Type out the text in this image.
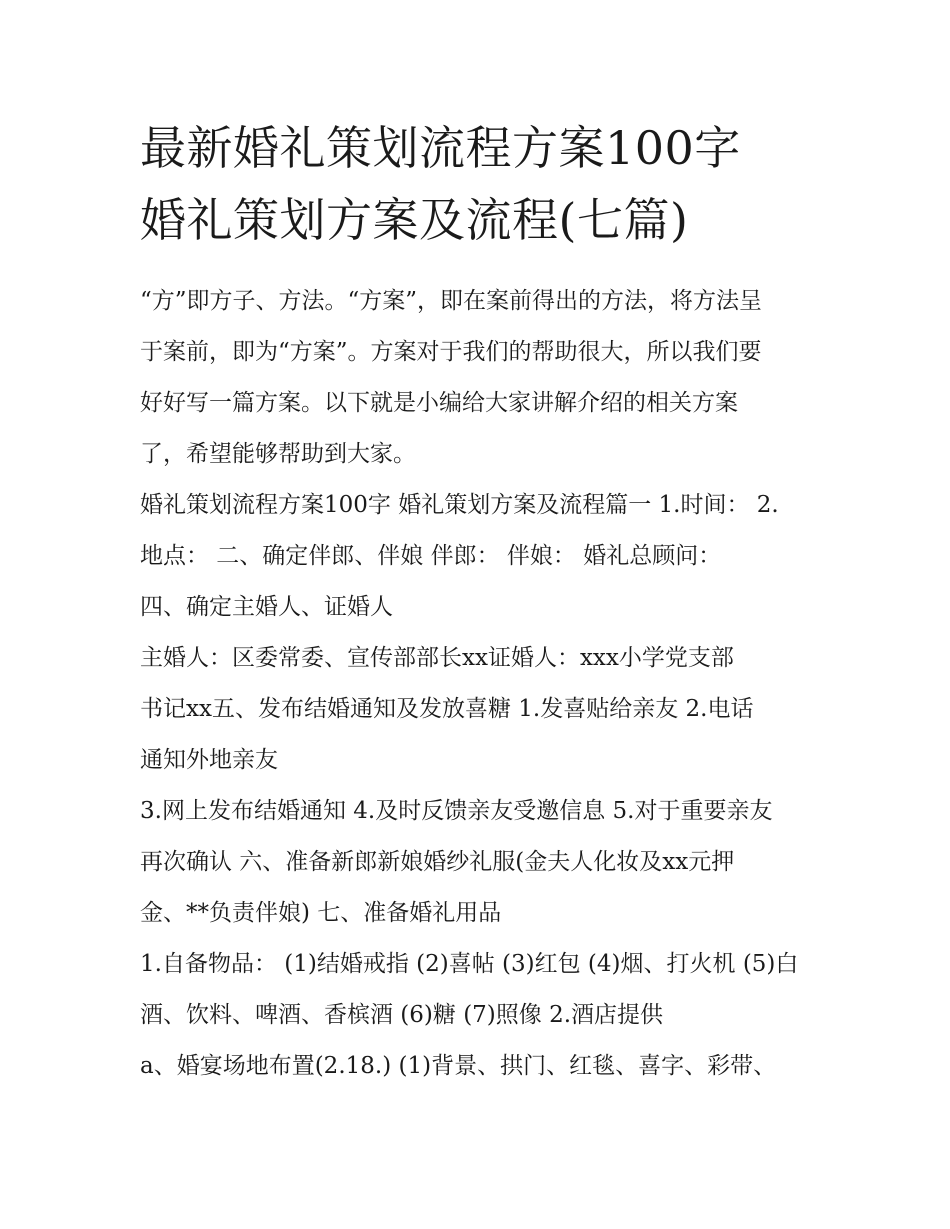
最新婚礼策划流程方案100字
婚礼策划方案及流程(七篇)
“方”即方子、方法。“方案”，即在案前得出的方法，将方法呈
于案前，即为“方案”。方案对于我们的帮助很大，所以我们要
好好写一篇方案。以下就是小编给大家讲解介绍的相关方案
了，希望能够帮助到大家。
婚礼策划流程方案100字 婚礼策划方案及流程篇一 1.时间： 2.
地点： 二、确定伴郎、伴娘 伴郎： 伴娘： 婚礼总顾问：
四、确定主婚人、证婚人
主婚人：区委常委、宣传部部长xx证婚人：xxx小学党支部
书记xx五、发布结婚通知及发放喜糖 1.发喜贴给亲友 2.电话
通知外地亲友
3.网上发布结婚通知 4.及时反馈亲友受邀信息 5.对于重要亲友
再次确认 六、准备新郎新娘婚纱礼服(金夫人化妆及xx元押
金、**负责伴娘) 七、准备婚礼用品
1.自备物品： (1)结婚戒指 (2)喜帖 (3)红包 (4)烟、打火机 (5)白
酒、饮料、啤酒、香槟酒 (6)糖 (7)照像 2.酒店提供
a、婚宴场地布置(2.18.) (1)背景、拱门、红毯、喜字、彩带、
